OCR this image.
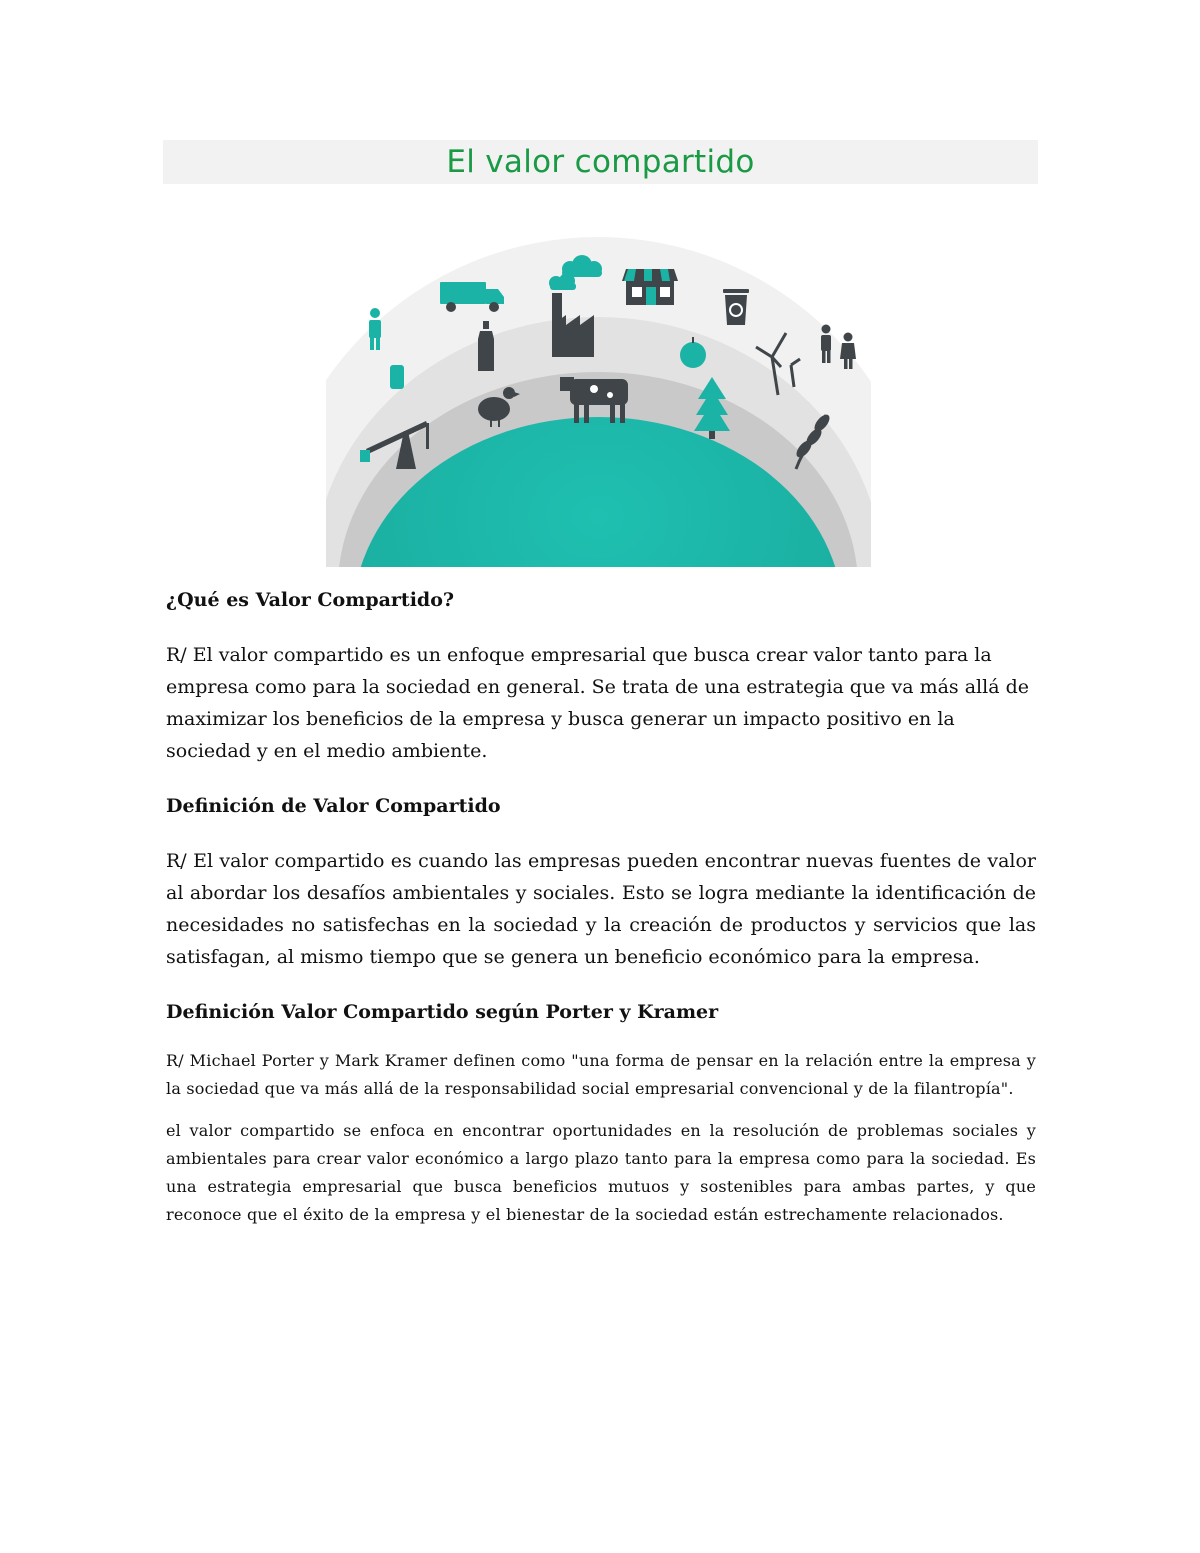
El valor compartido

¿Qué es Valor Compartido?

R/ El valor compartido es un enfoque empresarial que busca crear valor tanto para la empresa como para la sociedad en general. Se trata de una estrategia que va más allá de maximizar los beneficios de la empresa y busca generar un impacto positivo en la sociedad y en el medio ambiente.

Definición de Valor Compartido

R/ El valor compartido es cuando las empresas pueden encontrar nuevas fuentes de valor al abordar los desafíos ambientales y sociales. Esto se logra mediante la identificación de necesidades no satisfechas en la sociedad y la creación de productos y servicios que las satisfagan, al mismo tiempo que se genera un beneficio económico para la empresa.

Definición Valor Compartido según Porter y Kramer

R/ Michael Porter y Mark Kramer definen como "una forma de pensar en la relación entre la empresa y la sociedad que va más allá de la responsabilidad social empresarial convencional y de la filantropía".

el valor compartido se enfoca en encontrar oportunidades en la resolución de problemas sociales y ambientales para crear valor económico a largo plazo tanto para la empresa como para la sociedad. Es una estrategia empresarial que busca beneficios mutuos y sostenibles para ambas partes, y que reconoce que el éxito de la empresa y el bienestar de la sociedad están estrechamente relacionados.
